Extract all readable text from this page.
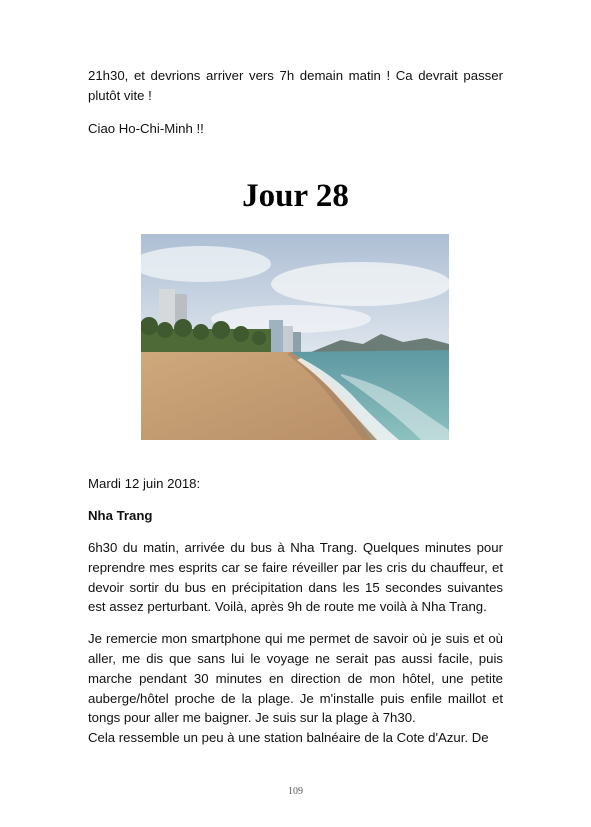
21h30, et devrions arriver vers 7h demain matin ! Ca devrait passer plutôt vite !

Ciao Ho-Chi-Minh !!

Jour 28

Mardi 12 juin 2018:

Nha Trang

6h30 du matin, arrivée du bus à Nha Trang. Quelques minutes pour reprendre mes esprits car se faire réveiller par les cris du chauffeur, et devoir sortir du bus en précipitation dans les 15 secondes suivantes est assez perturbant. Voilà, après 9h de route me voilà à Nha Trang.

Je remercie mon smartphone qui me permet de savoir où je suis et où aller, me dis que sans lui le voyage ne serait pas aussi facile, puis marche pendant 30 minutes en direction de mon hôtel, une petite auberge/hôtel proche de la plage. Je m'installe puis enfile maillot et tongs pour aller me baigner. Je suis sur la plage à 7h30.

Cela ressemble un peu à une station balnéaire de la Cote d'Azur. De

109
